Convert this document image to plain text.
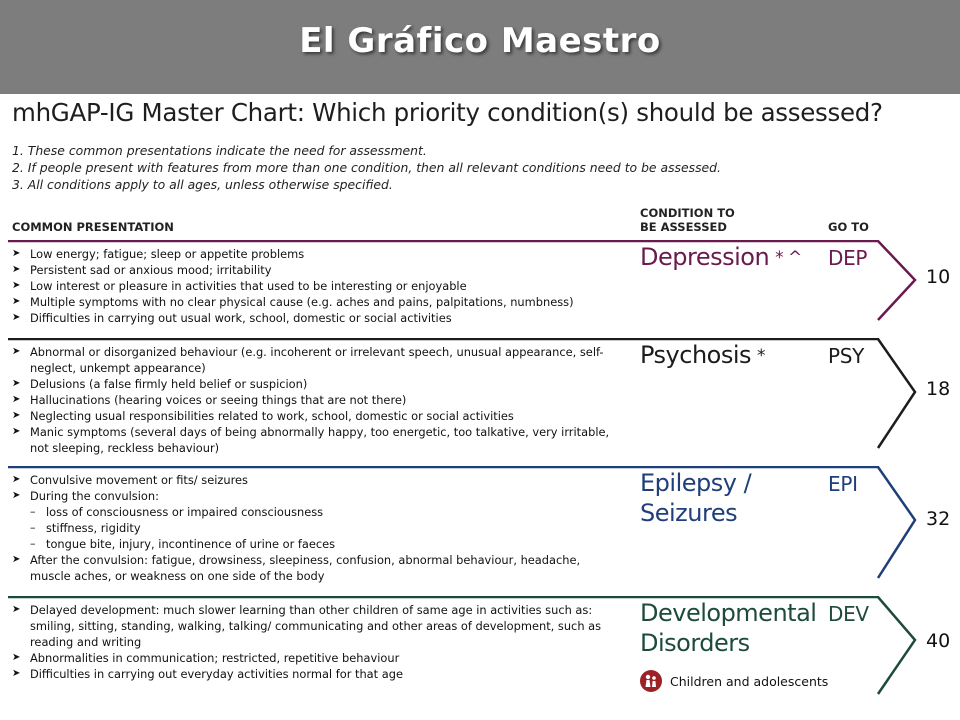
El Gráfico Maestro
mhGAP-IG Master Chart: Which priority condition(s) should be assessed?
1. These common presentations indicate the need for assessment.
2. If people present with features from more than one condition, then all relevant conditions need to be assessed.
3. All conditions apply to all ages, unless otherwise specified.
COMMON PRESENTATION
CONDITION TO
BE ASSESSED	GO TO
➤ Low energy; fatigue; sleep or appetite problems
➤ Persistent sad or anxious mood; irritability
➤ Low interest or pleasure in activities that used to be interesting or enjoyable
➤ Multiple symptoms with no clear physical cause (e.g. aches and pains, palpitations, numbness)
➤ Difficulties in carrying out usual work, school, domestic or social activities
Depression * ^ DEP
10
➤ Abnormal or disorganized behaviour (e.g. incoherent or irrelevant speech, unusual appearance, self-neglect, unkempt appearance)
➤ Delusions (a false firmly held belief or suspicion)
➤ Hallucinations (hearing voices or seeing things that are not there)
➤ Neglecting usual responsibilities related to work, school, domestic or social activities
➤ Manic symptoms (several days of being abnormally happy, too energetic, too talkative, very irritable, not sleeping, reckless behaviour)
Psychosis *	PSY
18
➤ Convulsive movement or fits/ seizures
➤ During the convulsion:
– loss of consciousness or impaired consciousness
– stiffness, rigidity
– tongue bite, injury, incontinence of urine or faeces
➤ After the convulsion: fatigue, drowsiness, sleepiness, confusion, abnormal behaviour, headache, muscle aches, or weakness on one side of the body
Epilepsy /
Seizures
EPI
32
➤ Delayed development: much slower learning than other children of same age in activities such as: smiling, sitting, standing, walking, talking/ communicating and other areas of development, such as reading and writing
➤ Abnormalities in communication; restricted, repetitive behaviour
➤ Difficulties in carrying out everyday activities normal for that age
Developmental
Disorders
DEV
40
Children and adolescents
